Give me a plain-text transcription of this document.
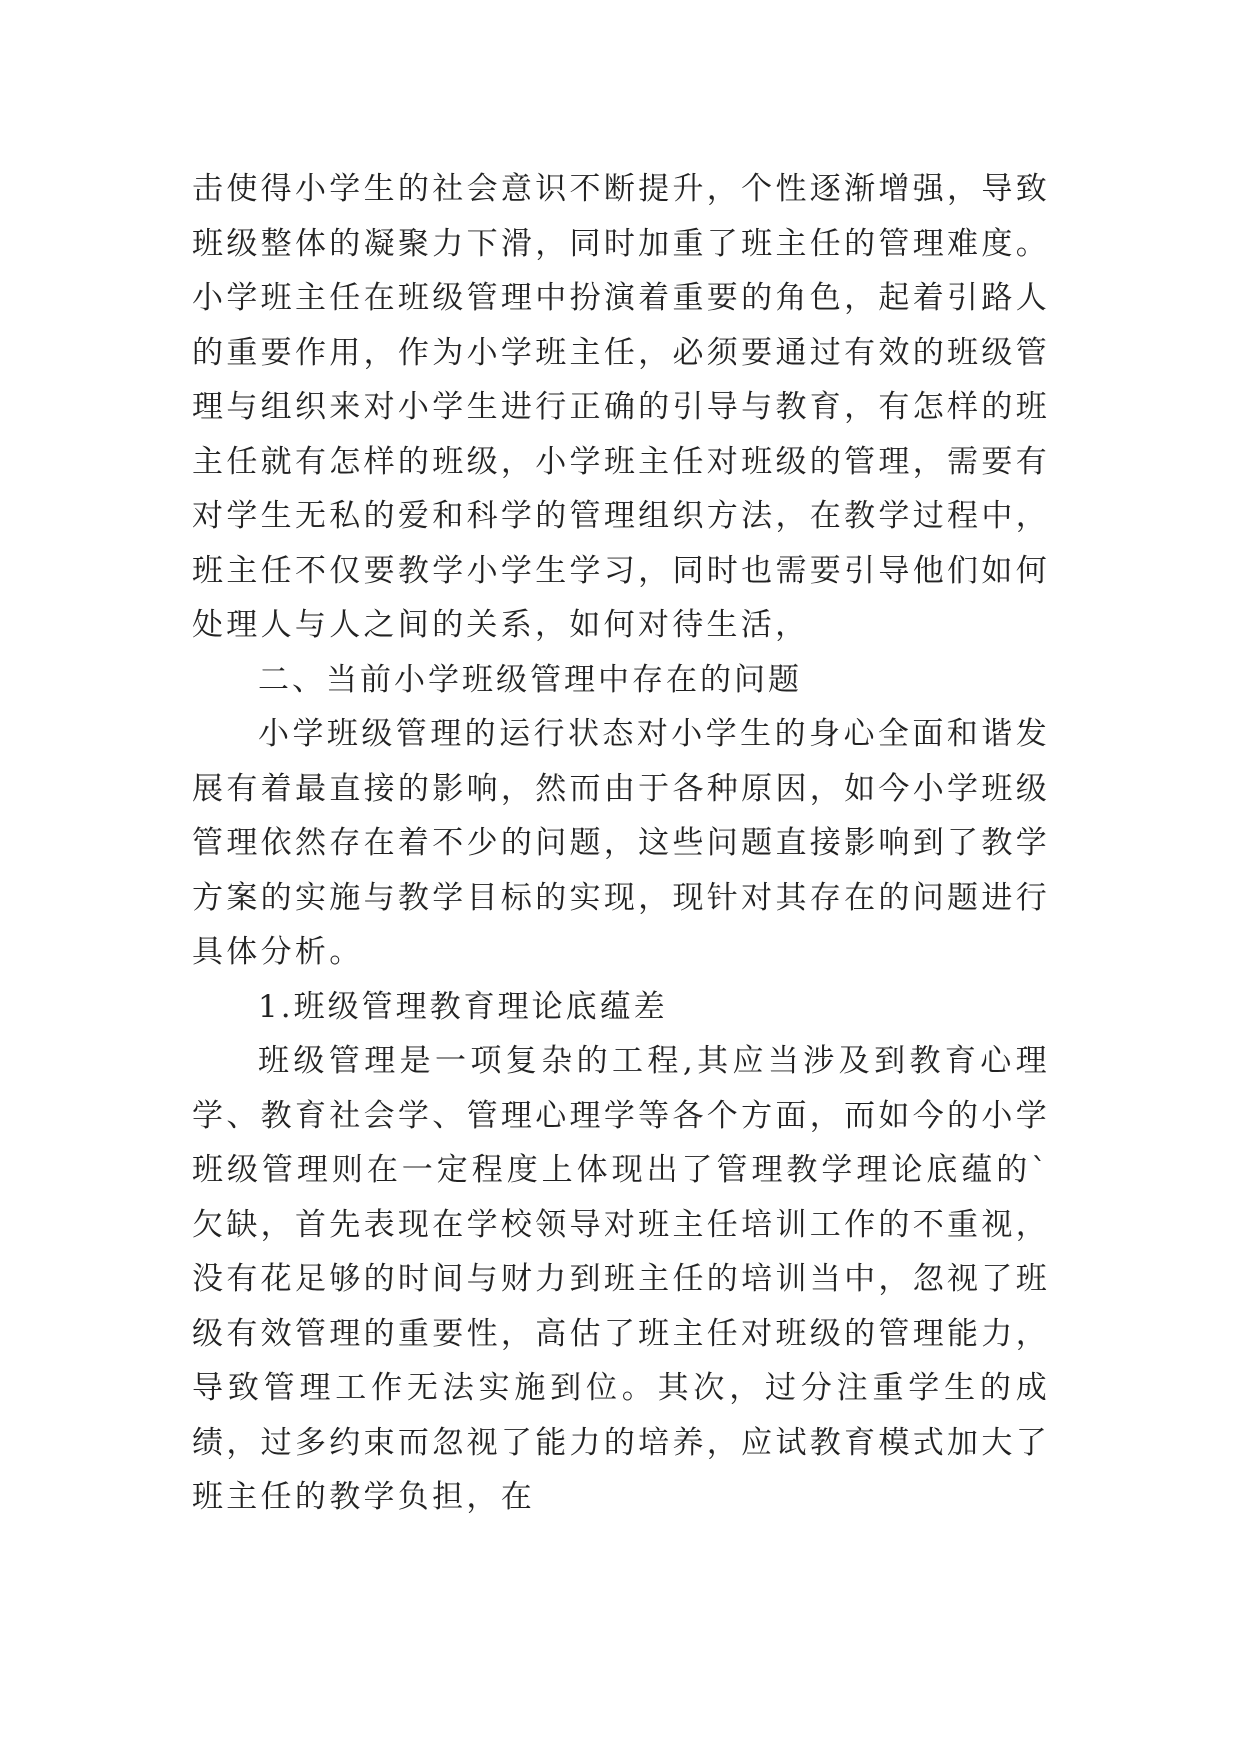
击使得小学生的社会意识不断提升，个性逐渐增强，导致班级整体的凝聚力下滑，同时加重了班主任的管理难度。小学班主任在班级管理中扮演着重要的角色，起着引路人的重要作用，作为小学班主任，必须要通过有效的班级管理与组织来对小学生进行正确的引导与教育，有怎样的班主任就有怎样的班级，小学班主任对班级的管理，需要有对学生无私的爱和科学的管理组织方法，在教学过程中，班主任不仅要教学小学生学习，同时也需要引导他们如何处理人与人之间的关系，如何对待生活，

二、当前小学班级管理中存在的问题

小学班级管理的运行状态对小学生的身心全面和谐发展有着最直接的影响，然而由于各种原因，如今小学班级管理依然存在着不少的问题，这些问题直接影响到了教学方案的实施与教学目标的实现，现针对其存在的问题进行具体分析。

1.班级管理教育理论底蕴差

班级管理是一项复杂的工程,其应当涉及到教育心理学、教育社会学、管理心理学等各个方面，而如今的小学班级管理则在一定程度上体现出了管理教学理论底蕴的`欠缺，首先表现在学校领导对班主任培训工作的不重视，没有花足够的时间与财力到班主任的培训当中，忽视了班级有效管理的重要性，高估了班主任对班级的管理能力，导致管理工作无法实施到位。其次，过分注重学生的成绩，过多约束而忽视了能力的培养，应试教育模式加大了班主任的教学负担，在
